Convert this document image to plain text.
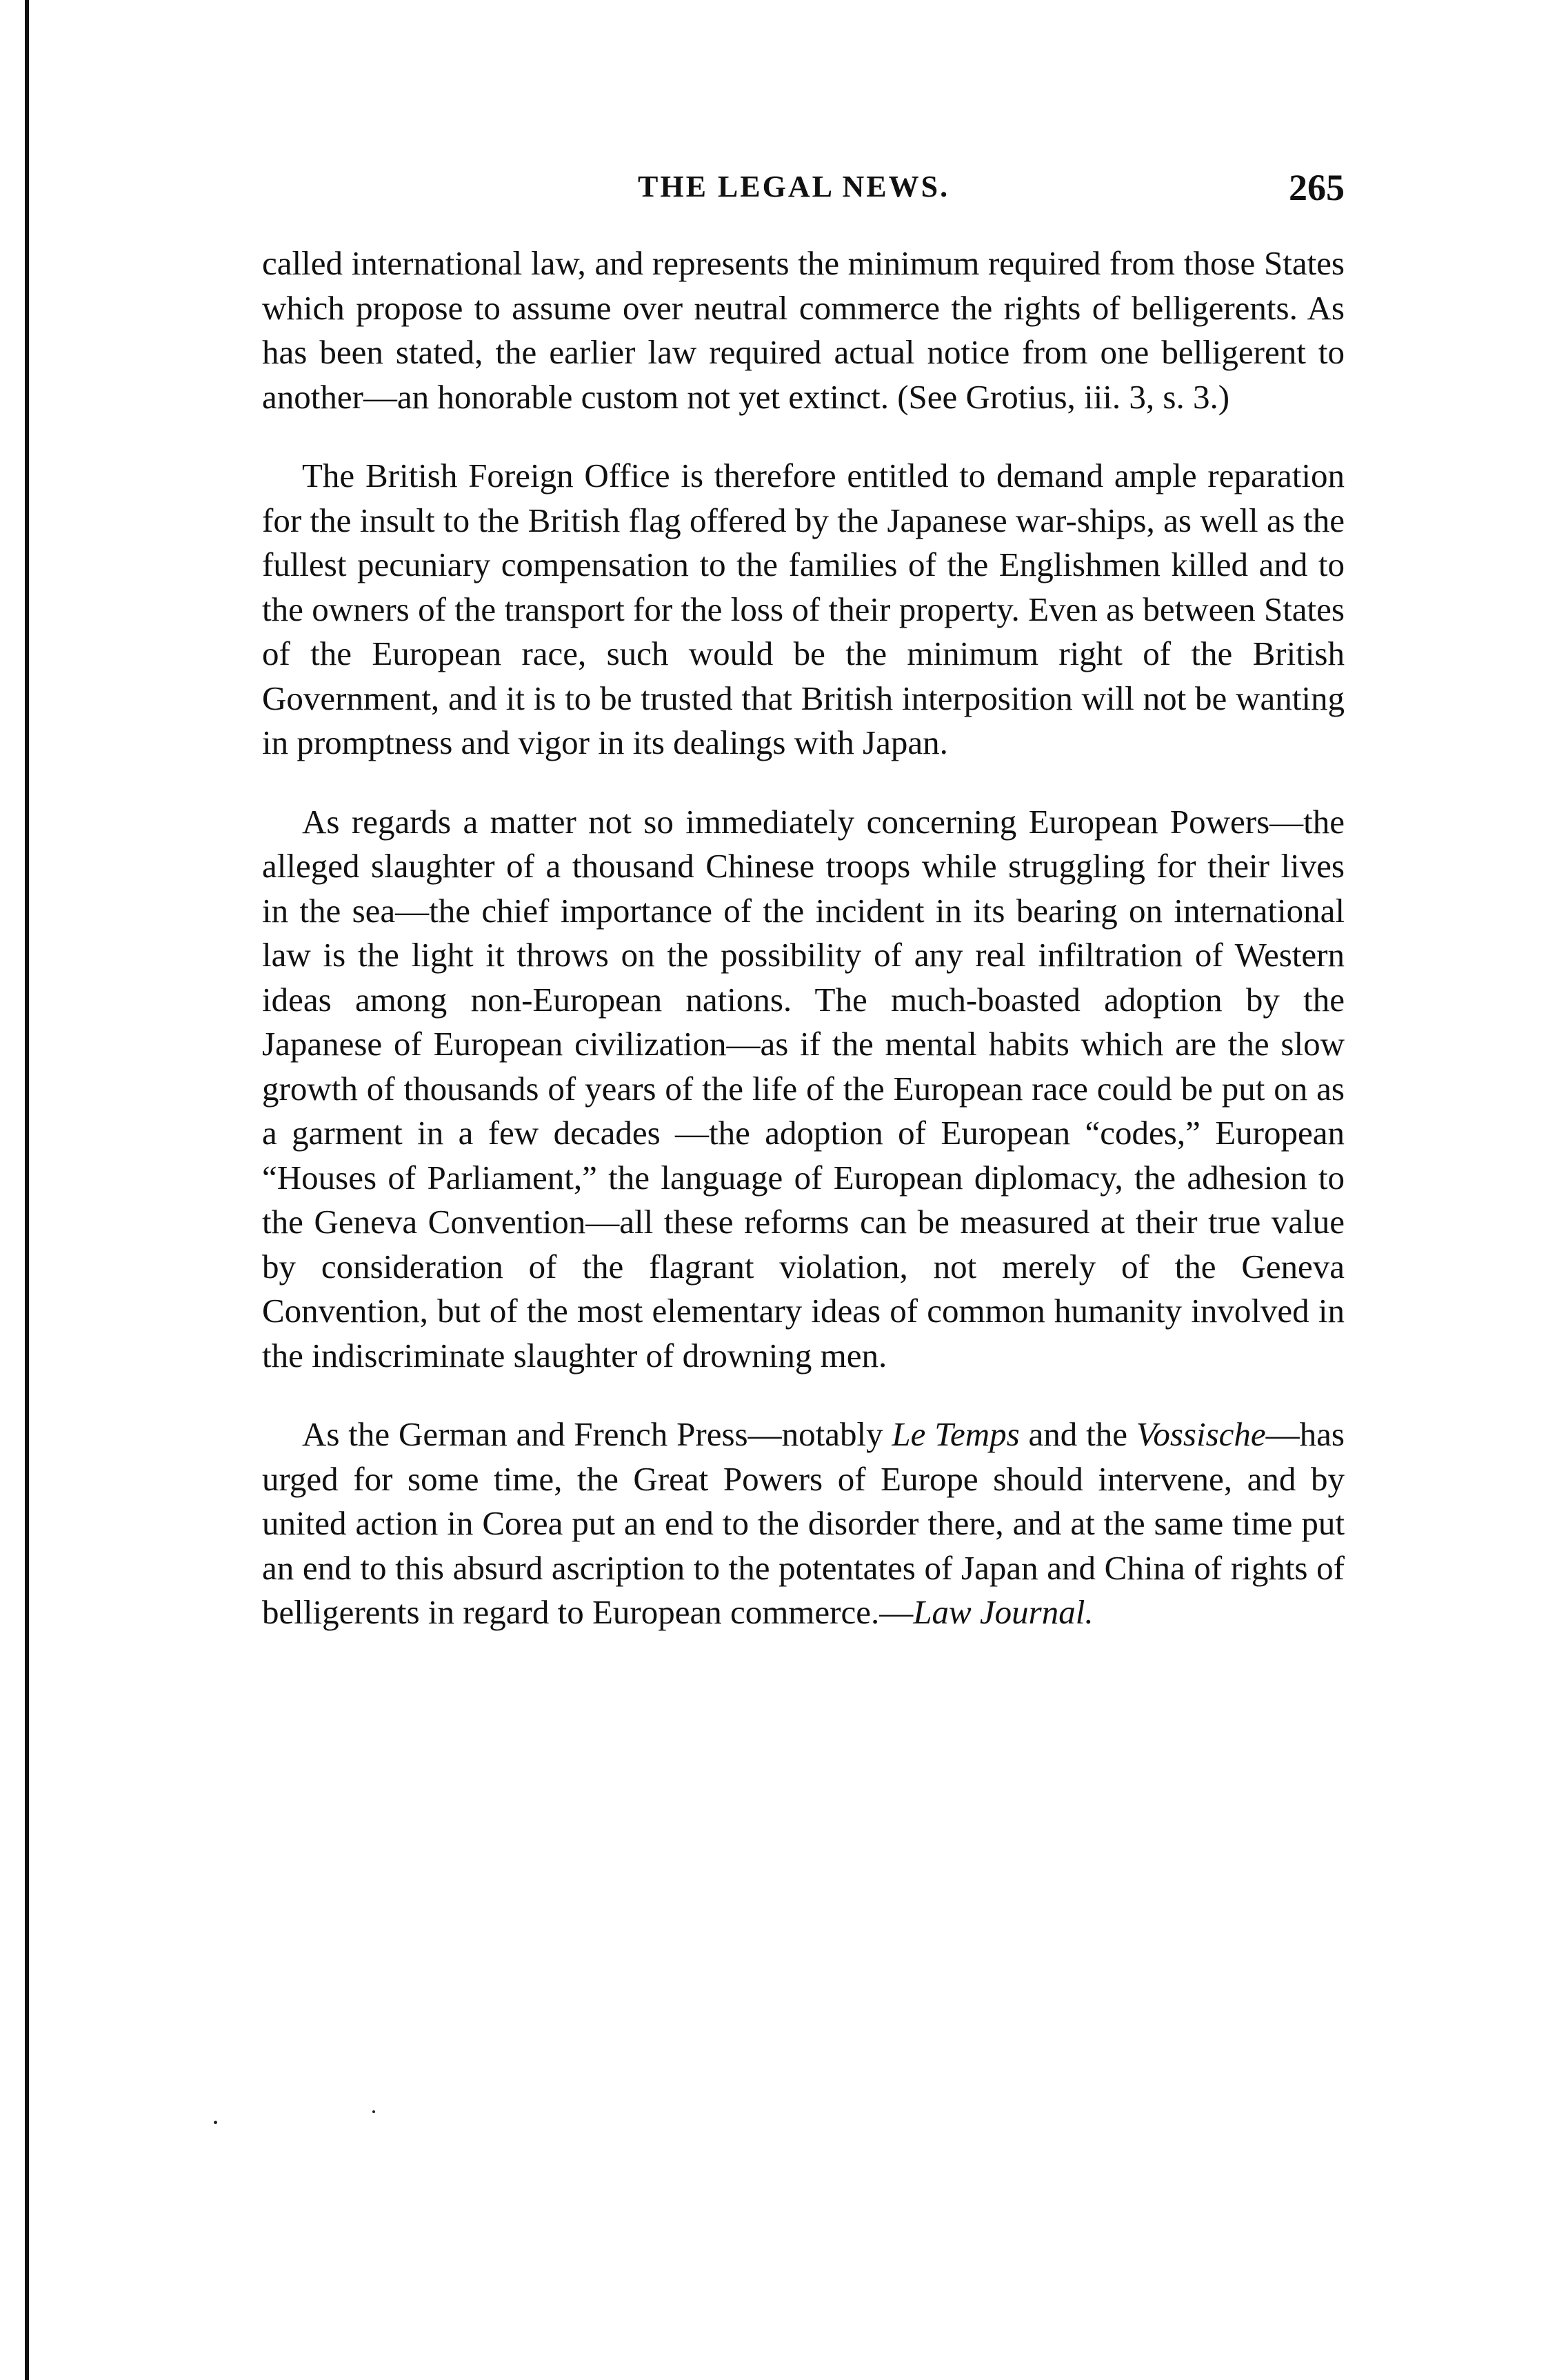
THE LEGAL NEWS.	265

called international law, and represents the minimum required from those States which propose to assume over neutral commerce the rights of belligerents. As has been stated, the earlier law required actual notice from one belligerent to another—an honorable custom not yet extinct. (See Grotius, iii. 3, s. 3.)

The British Foreign Office is therefore entitled to demand ample reparation for the insult to the British flag offered by the Japanese war-ships, as well as the fullest pecuniary compensation to the families of the Englishmen killed and to the owners of the transport for the loss of their property. Even as between States of the European race, such would be the minimum right of the British Government, and it is to be trusted that British interposition will not be wanting in promptness and vigor in its dealings with Japan.

As regards a matter not so immediately concerning European Powers—the alleged slaughter of a thousand Chinese troops while struggling for their lives in the sea—the chief importance of the incident in its bearing on international law is the light it throws on the possibility of any real infiltration of Western ideas among non-European nations. The much-boasted adoption by the Japanese of European civilization—as if the mental habits which are the slow growth of thousands of years of the life of the European race could be put on as a garment in a few decades —the adoption of European “codes,” European “Houses of Parliament,” the language of European diplomacy, the adhesion to the Geneva Convention—all these reforms can be measured at their true value by consideration of the flagrant violation, not merely of the Geneva Convention, but of the most elementary ideas of common humanity involved in the indiscriminate slaughter of drowning men.

As the German and French Press—notably Le Temps and the Vossische—has urged for some time, the Great Powers of Europe should intervene, and by united action in Corea put an end to the disorder there, and at the same time put an end to this absurd ascription to the potentates of Japan and China of rights of belligerents in regard to European commerce.—Law Journal.
